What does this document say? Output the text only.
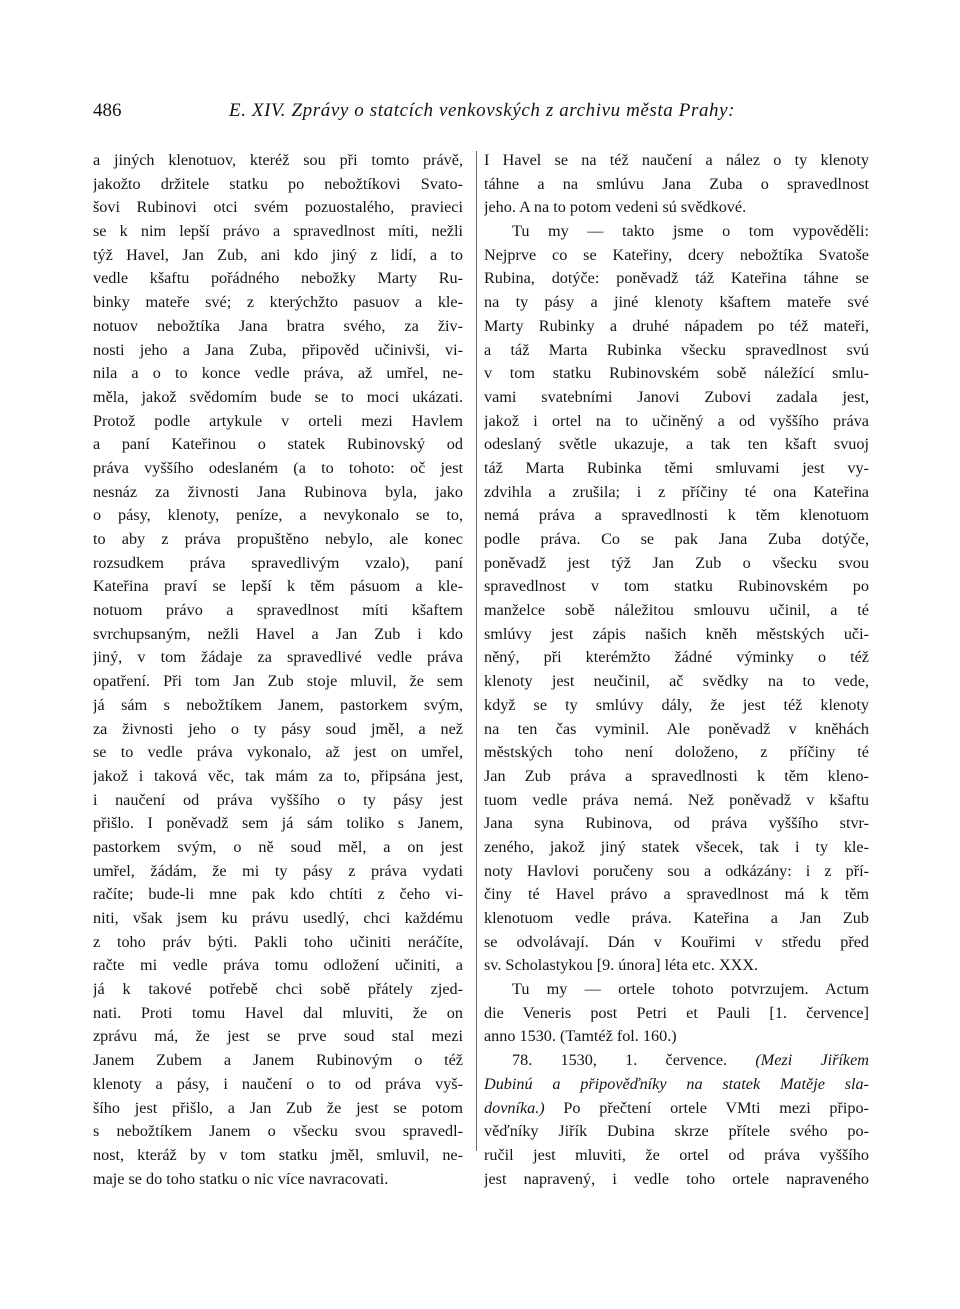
486	E. XIV. Zprávy o statcích venkovských z archivu města Prahy:
a jiných klenotuov, kteréž sou při tomto právě,
jakožto držitele statku po nebožtíkovi Svato-
šovi Rubinovi otci svém pozuostalého, pravieci
se k nim lepší právo a spravedlnost míti, nežli
týž Havel, Jan Zub, ani kdo jiný z lidí, a to
vedle kšaftu pořádného nebožky Marty Ru-
binky mateře své; z kterýchžto pasuov a kle-
notuov nebožtíka Jana bratra svého, za živ-
nosti jeho a Jana Zuba, připověd učinivši, vi-
nila a o to konce vedle práva, až umřel, ne-
měla, jakož svědomím bude se to moci ukázati.
Protož podle artykule v orteli mezi Havlem
a paní Kateřinou o statek Rubinovský od
práva vyššího odeslaném (a to tohoto: oč jest
nesnáz za živnosti Jana Rubinova byla, jako
o pásy, klenoty, peníze, a nevykonalo se to,
to aby z práva propuštěno nebylo, ale konec
rozsudkem práva spravedlivým vzalo), paní
Kateřina praví se lepší k těm pásuom a kle-
notuom právo a spravedlnost míti kšaftem
svrchupsaným, nežli Havel a Jan Zub i kdo
jiný, v tom žádaje za spravedlivé vedle práva
opatření. Při tom Jan Zub stoje mluvil, že sem
já sám s nebožtíkem Janem, pastorkem svým,
za živnosti jeho o ty pásy soud jměl, a než
se to vedle práva vykonalo, až jest on umřel,
jakož i taková věc, tak mám za to, připsána jest,
i naučení od práva vyššího o ty pásy jest
přišlo. I poněvadž sem já sám toliko s Janem,
pastorkem svým, o ně soud měl, a on jest
umřel, žádám, že mi ty pásy z práva vydati
račíte; bude-li mne pak kdo chtíti z čeho vi-
niti, však jsem ku právu usedlý, chci každému
z toho práv býti. Pakli toho učiniti neráčíte,
račte mi vedle práva tomu odložení učiniti, a
já k takové potřebě chci sobě přátely zjed-
nati. Proti tomu Havel dal mluviti, že on
zprávu má, že jest se prve soud stal mezi
Janem Zubem a Janem Rubinovým o též
klenoty a pásy, i naučení o to od práva vyš-
šího jest přišlo, a Jan Zub že jest se potom
s nebožtíkem Janem o všecku svou spravedl-
nost, kteráž by v tom statku jměl, smluvil, ne-
maje se do toho statku o nic více navracovati.
I Havel se na též naučení a nález o ty klenoty
táhne a na smlúvu Jana Zuba o spravedlnost
jeho. A na to potom vedeni sú svědkové.
Tu my — takto jsme o tom vypověděli:
Nejprve co se Kateřiny, dcery nebožtíka Svatoše
Rubina, dotýče: poněvadž táž Kateřina táhne se
na ty pásy a jiné klenoty kšaftem mateře své
Marty Rubinky a druhé nápadem po též mateři,
a táž Marta Rubinka všecku spravedlnost svú
v tom statku Rubinovském sobě náležící smlu-
vami svatebními Janovi Zubovi zadala jest,
jakož i ortel na to učiněný a od vyššího práva
odeslaný světle ukazuje, a tak ten kšaft svuoj
táž Marta Rubinka těmi smluvami jest vy-
zdvihla a zrušila; i z příčiny té ona Kateřina
nemá práva a spravedlnosti k těm klenotuom
podle práva. Co se pak Jana Zuba dotýče,
poněvadž jest týž Jan Zub o všecku svou
spravedlnost v tom statku Rubinovském po
manželce sobě náležitou smlouvu učinil, a té
smlúvy jest zápis našich kněh městských uči-
něný, při kterémžto žádné výminky o též
klenoty jest neučinil, ač svědky na to vede,
když se ty smlúvy dály, že jest též klenoty
na ten čas vyminil. Ale poněvadž v kněhách
městských toho není doloženo, z příčiny té
Jan Zub práva a spravedlnosti k těm kleno-
tuom vedle práva nemá. Než poněvadž v kšaftu
Jana syna Rubinova, od práva vyššího stvr-
zeného, jakož jiný statek všecek, tak i ty kle-
noty Havlovi poručeny sou a odkázány: i z pří-
činy té Havel právo a spravedlnost má k těm
klenotuom vedle práva. Kateřina a Jan Zub
se odvolávají. Dán v Kouřimi v středu před
sv. Scholastykou [9. února] léta etc. XXX.
Tu my — ortele tohoto potvrzujem. Actum
die Veneris post Petri et Pauli [1. července]
anno 1530. (Tamtéž fol. 160.)
78. 1530, 1. července. (Mezi Jiříkem
Dubinú a připověďníky na statek Matěje sla-
dovníka.) Po přečtení ortele VMti mezi připo-
věďníky Jiřík Dubina skrze přítele svého po-
ručil jest mluviti, že ortel od práva vyššího
jest napravený, i vedle toho ortele napraveného
